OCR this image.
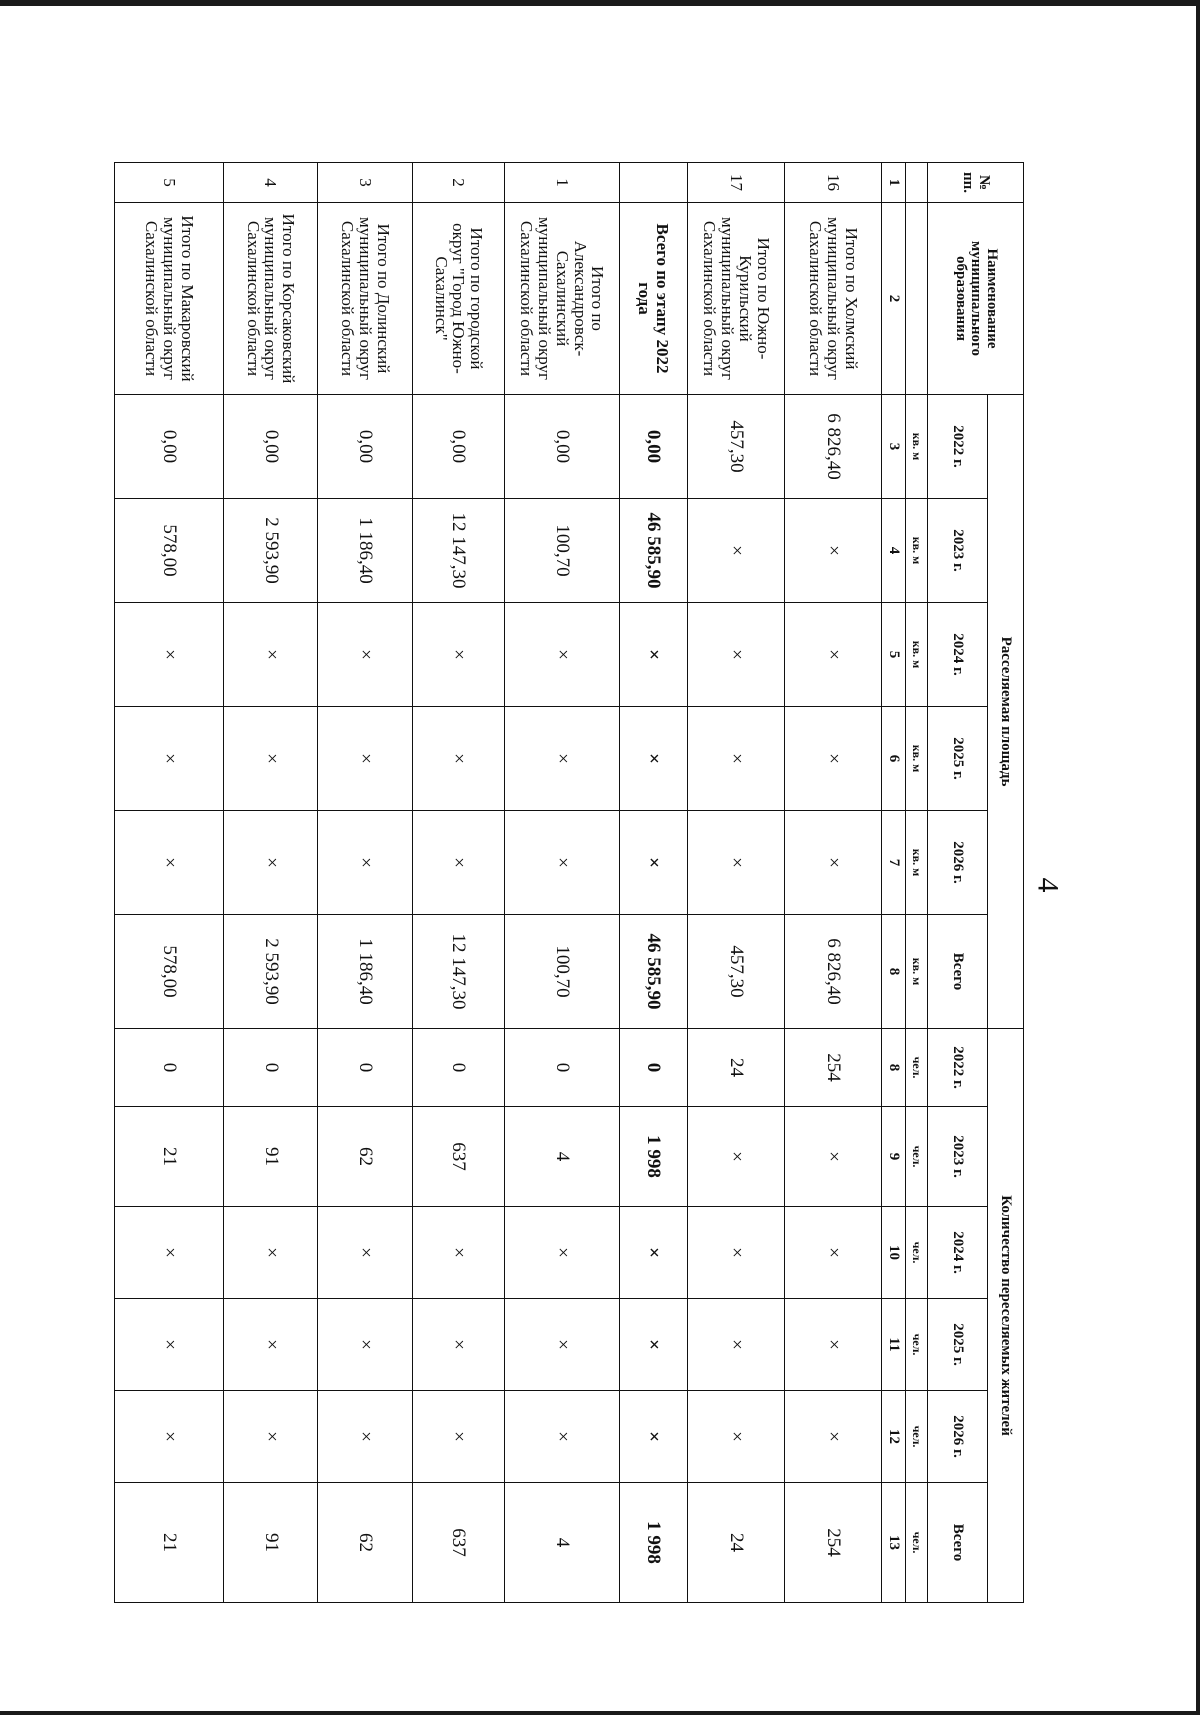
4
№ пп.	Наименование муниципального образования	Расселяемая площадь						Количество переселяемых жителей					
		2022 г.	2023 г.	2024 г.	2025 г.	2026 г.	Всего	2022 г.	2023 г.	2024 г.	2025 г.	2026 г.	Всего
		кв. м	кв. м	кв. м	кв. м	кв. м	кв. м	чел.	чел.	чел.	чел.	чел.	чел.
1	2	3	4	5	6	7	8	8	9	10	11	12	13
16	Итого по Холмский муниципальный округ Сахалинской области	6 826,40	×	×	×	×	6 826,40	254	×	×	×	×	254
17	Итого по Южно-Курильский муниципальный округ Сахалинской области	457,30	×	×	×	×	457,30	24	×	×	×	×	24
	Всего по этапу 2022 года	0,00	46 585,90	×	×	×	46 585,90	0	1 998	×	×	×	1 998
1	Итого по Александровск-Сахалинский муниципальный округ Сахалинской области	0,00	100,70	×	×	×	100,70	0	4	×	×	×	4
2	Итого по городской округ "Город Южно-Сахалинск"	0,00	12 147,30	×	×	×	12 147,30	0	637	×	×	×	637
3	Итого по Долинский муниципальный округ Сахалинской области	0,00	1 186,40	×	×	×	1 186,40	0	62	×	×	×	62
4	Итого по Корсаковский муниципальный округ Сахалинской области	0,00	2 593,90	×	×	×	2 593,90	0	91	×	×	×	91
5	Итого по Макаровский муниципальный округ Сахалинской области	0,00	578,00	×	×	×	578,00	0	21	×	×	×	21
